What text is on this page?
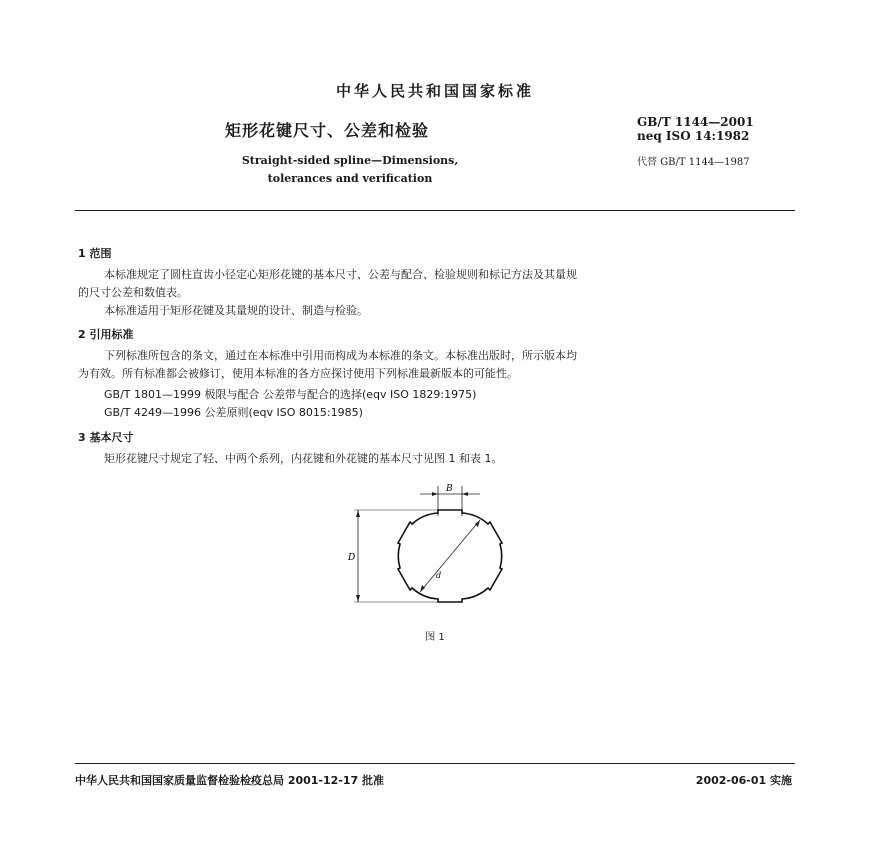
中华人民共和国国家标准
矩形花键尺寸、公差和检验
Straight-sided spline—Dimensions,
tolerances and verification
GB/T 1144—2001
neq ISO 14:1982
代替 GB/T 1144—1987
1 范围
本标准规定了圆柱直齿小径定心矩形花键的基本尺寸、公差与配合、检验规则和标记方法及其量规
的尺寸公差和数值表。
本标准适用于矩形花键及其量规的设计、制造与检验。
2 引用标准
下列标准所包含的条文，通过在本标准中引用而构成为本标准的条文。本标准出版时，所示版本均
为有效。所有标准都会被修订，使用本标准的各方应探讨使用下列标准最新版本的可能性。
GB/T 1801—1999 极限与配合 公差带与配合的选择(eqv ISO 1829:1975)
GB/T 4249—1996 公差原则(eqv ISO 8015:1985)
3 基本尺寸
矩形花键尺寸规定了轻、中两个系列，内花键和外花键的基本尺寸见图 1 和表 1。
B
D
d
图 1
中华人民共和国国家质量监督检验检疫总局 2001-12-17 批准	2002-06-01 实施
